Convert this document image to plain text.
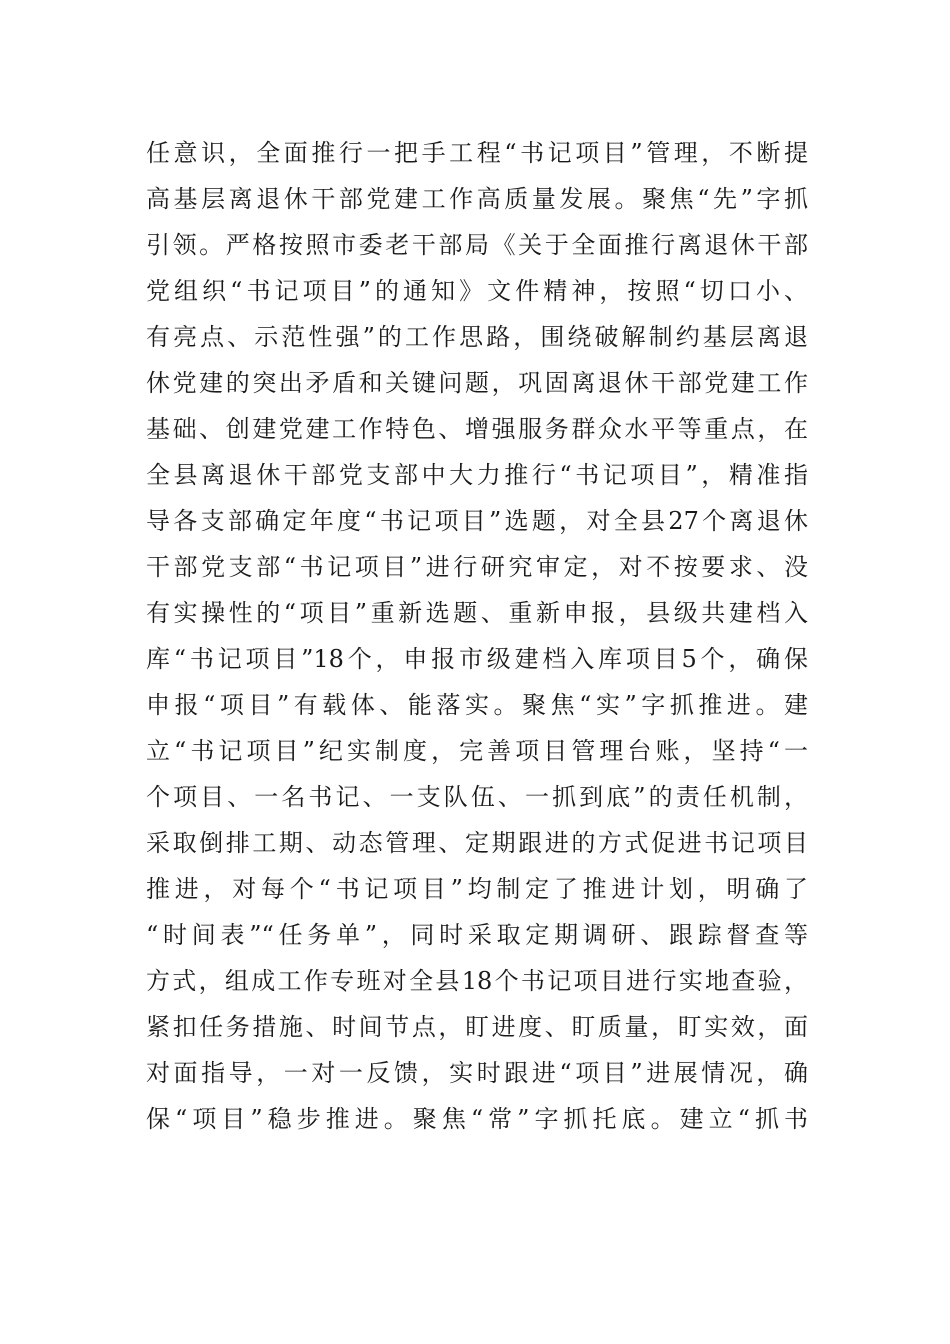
任意识，全面推行一把手工程“书记项目”管理，不断提
高基层离退休干部党建工作高质量发展。聚焦“先”字抓
引领。严格按照市委老干部局《关于全面推行离退休干部
党组织“书记项目”的通知》文件精神，按照“切口小、
有亮点、示范性强”的工作思路，围绕破解制约基层离退
休党建的突出矛盾和关键问题，巩固离退休干部党建工作
基础、创建党建工作特色、增强服务群众水平等重点，在
全县离退休干部党支部中大力推行“书记项目”，精准指
导各支部确定年度“书记项目”选题，对全县27个离退休
干部党支部“书记项目”进行研究审定，对不按要求、没
有实操性的“项目”重新选题、重新申报，县级共建档入
库“书记项目”18个，申报市级建档入库项目5个，确保
申报“项目”有载体、能落实。聚焦“实”字抓推进。建
立“书记项目”纪实制度，完善项目管理台账，坚持“一
个项目、一名书记、一支队伍、一抓到底”的责任机制，
采取倒排工期、动态管理、定期跟进的方式促进书记项目
推进，对每个“书记项目”均制定了推进计划，明确了
“时间表”“任务单”，同时采取定期调研、跟踪督查等
方式，组成工作专班对全县18个书记项目进行实地查验，
紧扣任务措施、时间节点，盯进度、盯质量，盯实效，面
对面指导，一对一反馈，实时跟进“项目”进展情况，确
保“项目”稳步推进。聚焦“常”字抓托底。建立“抓书
